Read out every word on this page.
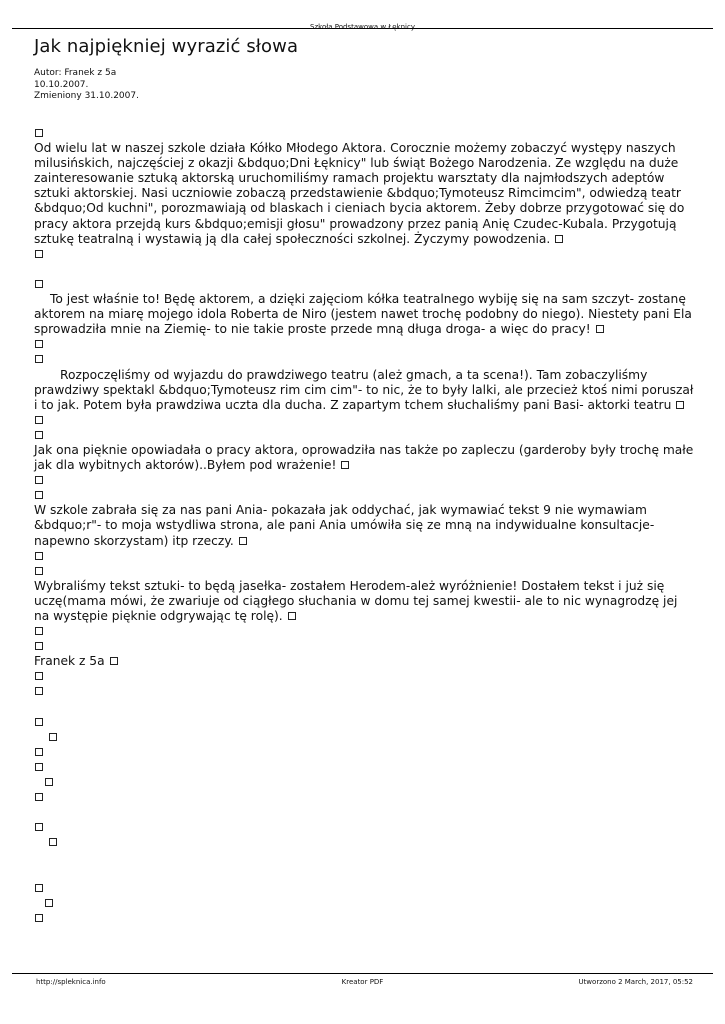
Szkoła Podstawowa w Łęknicy
Jak najpiękniej wyrazić słowa
Autor: Franek z 5a
10.10.2007.
Zmieniony 31.10.2007.

Od wielu lat w naszej szkole działa Kółko Młodego Aktora. Corocznie możemy zobaczyć występy naszych milusińskich, najczęściej z okazji &bdquo;Dni Łęknicy" lub świąt Bożego Narodzenia. Ze względu na duże zainteresowanie sztuką aktorską uruchomiliśmy ramach projektu warsztaty dla najmłodszych adeptów sztuki aktorskiej. Nasi uczniowie zobaczą przedstawienie &bdquo;Tymoteusz Rimcimcim", odwiedzą teatr &bdquo;Od kuchni", porozmawiają od blaskach i cieniach bycia aktorem. Żeby dobrze przygotować się do pracy aktora przejdą kurs &bdquo;emisji głosu" prowadzony przez panią Anię Czudec-Kubala. Przygotują sztukę teatralną i wystawią ją dla całej społeczności szkolnej. Życzymy powodzenia.

To jest właśnie to! Będę aktorem, a dzięki zajęciom kółka teatralnego wybiję się na sam szczyt- zostanę aktorem na miarę mojego idola Roberta de Niro (jestem nawet trochę podobny do niego). Niestety pani Ela sprowadziła mnie na Ziemię- to nie takie proste przede mną długa droga- a więc do pracy!

Rozpoczęliśmy od wyjazdu do prawdziwego teatru (ależ gmach, a ta scena!). Tam zobaczyliśmy prawdziwy spektakl &bdquo;Tymoteusz rim cim cim"- to nic, że to były lalki, ale przecież ktoś nimi poruszał i to jak. Potem była prawdziwa uczta dla ducha. Z zapartym tchem słuchaliśmy pani Basi- aktorki teatru

Jak ona pięknie opowiadała o pracy aktora, oprowadziła nas także po zapleczu (garderoby były trochę małe jak dla wybitnych aktorów)..Byłem pod wrażenie!

W szkole zabrała się za nas pani Ania- pokazała jak oddychać, jak wymawiać tekst 9 nie wymawiam &bdquo;r"- to moja wstydliwa strona, ale pani Ania umówiła się ze mną na indywidualne konsultacje- napewno skorzystam) itp rzeczy.

Wybraliśmy tekst sztuki- to będą jasełka- zostałem Herodem-ależ wyróżnienie! Dostałem tekst i już się uczę(mama mówi, że zwariuje od ciągłego słuchania w domu tej samej kwestii- ale to nic wynagrodzę jej na występie pięknie odgrywając tę rolę).

Franek z 5a

http://spleknica.info	Kreator PDF	Utworzono 2 March, 2017, 05:52
